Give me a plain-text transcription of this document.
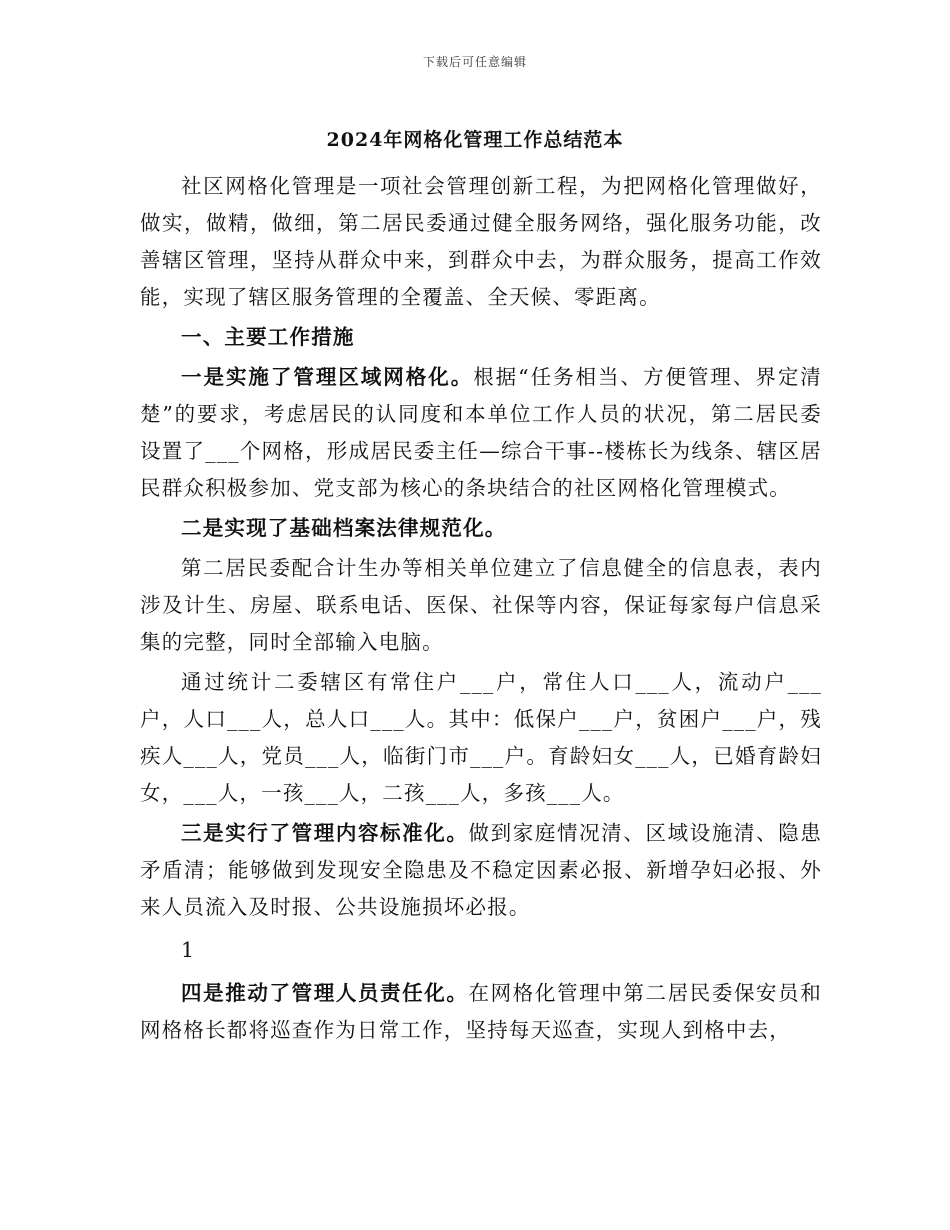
下载后可任意编辑
2024年网格化管理工作总结范本

社区网格化管理是一项社会管理创新工程，为把网格化管理做好，做实，做精，做细，第二居民委通过健全服务网络，强化服务功能，改善辖区管理，坚持从群众中来，到群众中去，为群众服务，提高工作效能，实现了辖区服务管理的全覆盖、全天候、零距离。

一、主要工作措施

一是实施了管理区域网格化。根据“任务相当、方便管理、界定清楚”的要求，考虑居民的认同度和本单位工作人员的状况，第二居民委设置了___个网格，形成居民委主任—综合干事--楼栋长为线条、辖区居民群众积极参加、党支部为核心的条块结合的社区网格化管理模式。

二是实现了基础档案法律规范化。

第二居民委配合计生办等相关单位建立了信息健全的信息表，表内涉及计生、房屋、联系电话、医保、社保等内容，保证每家每户信息采集的完整，同时全部输入电脑。

通过统计二委辖区有常住户___户，常住人口___人，流动户___户，人口___人，总人口___人。其中：低保户___户，贫困户___户，残疾人___人，党员___人，临街门市___户。育龄妇女___人，已婚育龄妇女，___人，一孩___人，二孩___人，多孩___人。

三是实行了管理内容标准化。做到家庭情况清、区域设施清、隐患矛盾清；能够做到发现安全隐患及不稳定因素必报、新增孕妇必报、外来人员流入及时报、公共设施损坏必报。

1

四是推动了管理人员责任化。在网格化管理中第二居民委保安员和网格格长都将巡查作为日常工作，坚持每天巡查，实现人到格中去，
